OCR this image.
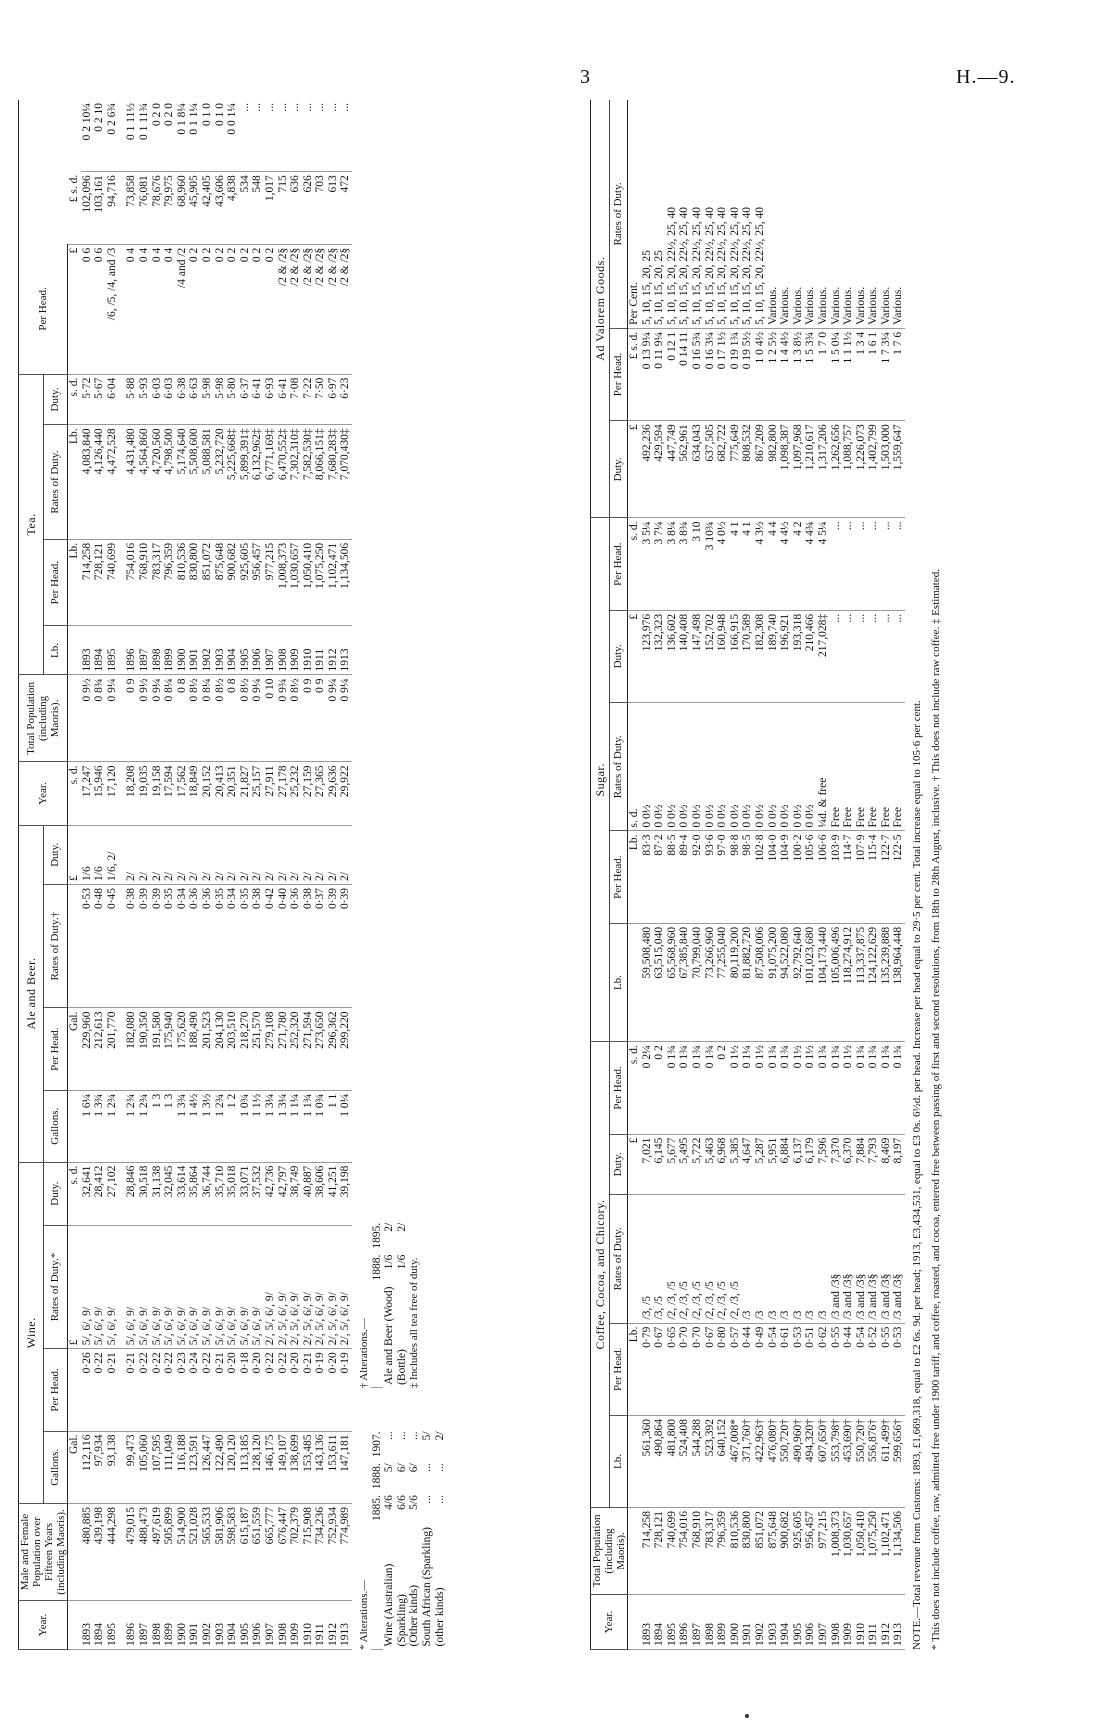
3	H.—9.
Year.	Male and Female Population over Fifteen Years (including Maoris).	Wine.				Ale and Beer.				Year.	Total Population (including Maoris).	Tea.				Per Head.		
		Gallons.	Per Head.	Rates of Duty.*	Duty.	Gallons.	Per Head.	Rates of Duty.†	Duty.			Lb.	Per Head.	Rates of Duty.	Duty.			
		Gal.		£	s. d.		Gal.		£	s. d.			Lb.	Lb.	s. d.	£	£ s. d.	
1893	480,885	112,116	0·26	5/, 6/, 9/	32,641	1 6¼	229,960	0·53	1/6	17,247	0 9½	1893	714,258	4,083,840	5·72	0 6	102,096	0 2 10¼
1894	439,198	97,934	0·22	5/, 6/, 9/	28,412	1 3¾	212,613	0·48	1/6	15,946	0 8¾	1894	728,121	4,126,440	5·67	0 6	103,161	0 2 10
1895	444,298	93,138	0·21	5/, 6/, 9/	27,102	1 2¾	201,770	0·45	1/6, 2/	17,120	0 9¼	1895	740,699	4,472,528	6·04	/6, /5, /4, and /3	94,716	0 2 6¾
1896	479,015	99,473	0·21	5/, 6/, 9/	28,846	1 2¾	182,080	0·38	2/	18,208	0 9	1896	754,016	4,431,480	5·88	0 4	73,858	0 1 11½
1897	488,473	105,060	0·22	5/, 6/, 9/	30,518	1 2¾	190,350	0·39	2/	19,035	0 9½	1897	768,910	4,564,860	5·93	0 4	76,081	0 1 11¾
1898	497,619	107,595	0·22	5/, 6/, 9/	31,138	1 3	191,580	0·39	2/	19,158	0 9¼	1898	783,317	4,720,560	6·03	0 4	78,676	0 2 0
1899	505,899	111,049	0·22	5/, 6/, 9/	32,045	1 3	175,940	0·35	2/	17,594	0 8¼	1899	796,359	4,798,500	6·03	0 4	79,975	0 2 0
1900	514,900	116,188	0·23	5/, 6/, 9/	33,614	1 3¾	175,620	0·34	2/	17,562	0 8	1900	810,536	5,174,640	6·38	/4 and /2	68,960	0 1 8¼
1901	521,028	123,591	0·24	5/, 6/, 9/	35,864	1 4½	188,490	0·36	2/	18,849	0 8½	1901	830,800	5,508,600	6·63	0 2	45,905	0 1 1¼
1902	565,533	126,447	0·22	5/, 6/, 9/	36,744	1 3½	201,523	0·36	2/	20,152	0 8¼	1902	851,072	5,088,581	5·98	0 2	42,405	0 1 0
1903	581,906	122,490	0·21	5/, 6/, 9/	35,710	1 2¾	204,130	0·35	2/	20,413	0 8½	1903	875,648	5,232,720	5·98	0 2	43,606	0 1 0
1904	598,583	120,120	0·20	5/, 6/, 9/	35,018	1 2	203,510	0·34	2/	20,351	0 8	1904	900,682	5,225,668‡	5·80	0 2	4,838	0 0 1¼
1905	615,187	113,185	0·18	5/, 6/, 9/	33,071	1 0¾	218,270	0·35	2/	21,827	0 8½	1905	925,605	5,899,391‡	6·37	0 2	534	...
1906	651,559	128,120	0·20	5/, 6/, 9/	37,532	1 1½	251,570	0·38	2/	25,157	0 9¼	1906	956,457	6,132,962‡	6·41	0 2	548	...
1907	665,777	146,175	0·22	2/, 5/, 6/, 9/	42,736	1 3¼	279,108	0·42	2/	27,911	0 10	1907	977,215	6,771,169‡	6·93	0 2	1,017	...
1908	676,447	149,107	0·22	2/, 5/, 6/, 9/	42,797	1 3¼	271,780	0·40	2/	27,178	0 9¾	1908	1,008,373	6,470,552‡	6·41	/2 & /2§	715	...
1909	702,379	138,699	0·20	2/, 5/, 6/, 9/	38,749	1 1¼	252,320	0·36	2/	25,232	0 8½	1909	1,030,657	7,302,310‡	7·08	/2 & /2§	636	...
1910	715,908	153,485	0·21	2/, 5/, 6/, 9/	40,887	1 1¾	271,594	0·38	2/	27,159	0 9	1910	1,050,410	7,582,530‡	7·22	/2 & /2§	626	...
1911	734,236	143,136	0·19	2/, 5/, 6/, 9/	38,606	1 0¾	273,650	0·37	2/	27,365	0 9	1911	1,075,250	8,066,151‡	7·50	/2 & /2§	703	...
1912	752,934	153,611	0·20	2/, 5/, 6/, 9/	41,251	1 1	296,362	0·39	2/	29,636	0 9¼	1912	1,102,471	7,680,283‡	6·97	/2 & /2§	613	...
1913	774,989	147,181	0·19	2/, 5/, 6/, 9/	39,198	1 0¼	299,220	0·39	2/	29,922	0 9¼	1913	1,134,506	7,070,430‡	6·23	/2 & /2§	472	...
* Alterations.—
	1885.	1888.	1907.
Wine (Australian)	4/6	5/	...
(Sparkling)	6/6	6/	...
(Other kinds)	5/6	6/	...
South African (Sparkling)	...	...	5/
(other kinds)	...	...	2/
† Alterations.—
	1888.	1895.
Ale and Beer (Wood)	1/6	2/
(Bottle)	1/6	2/
‡ Includes all tea free of duty.
Year.	Total Population (including Maoris).	Coffee, Cocoa, and Chicory.					Sugar.					Ad Valorem Goods.		
		Lb.	Per Head.	Rates of Duty.	Duty.	Per Head.	Lb.	Per Head.	Rates of Duty.	Duty.	Per Head.	Duty.	Per Head.	Rates of Duty.
			Lb.		£	s. d.		Lb.	s. d.	£	s. d.	£	£ s. d.	Per Cent.
1893	714,258	561,360	0·79	/3, /5	7,021	0 2¼	59,508,480	83·3	0 0½	123,976	3 5¼	492,236	0 13 9¼	5, 10, 15, 20, 25
1894	728,121	490,864	0·67	/3, /5	6,145	0 2	63,515,040	87·2	0 0½	132,323	3 7¼	429,594	0 11 9¼	5, 10, 15, 20, 25
1895	740,699	481,800	0·65	/2, /3, /5	5,677	0 1¾	65,568,960	88·5	0 0½	136,602	3 8¼	447,749	0 12 1	5, 10, 15, 20, 22½, 25, 40
1896	754,016	524,408	0·70	/2, /3, /5	5,495	0 1¾	67,385,840	89·4	0 0½	140,408	3 8¾	562,961	0 14 11	5, 10, 15, 20, 22½, 25, 40
1897	768,910	544,288	0·70	/2, /3, /5	5,722	0 1¾	70,799,040	92·0	0 0½	147,498	3 10	634,043	0 16 5¾	5, 10, 15, 20, 22½, 25, 40
1898	783,317	523,392	0·67	/2, /3, /5	5,463	0 1¾	73,266,960	93·6	0 0½	152,702	3 10¾	637,505	0 16 3¼	5, 10, 15, 20, 22½, 25, 40
1899	796,359	640,152	0·80	/2, /3, /5	6,968	0 2	77,255,040	97·0	0 0½	160,948	4 0½	682,722	0 17 1½	5, 10, 15, 20, 22½, 25, 40
1900	810,536	467,008*	0·57	/2, /3, /5	5,385	0 1½	80,119,200	98·8	0 0½	166,915	4 1	775,649	0 19 1¾	5, 10, 15, 20, 22½, 25, 40
1901	830,800	371,760†	0·44	/3	4,647	0 1¼	81,882,720	98·5	0 0½	170,589	4 1	808,532	0 19 5½	5, 10, 15, 20, 22½, 25, 40
1902	851,072	422,963†	0·49	/3	5,287	0 1½	87,508,006	102·8	0 0½	182,308	4 3½	867,209	1 0 4½	5, 10, 15, 20, 22½, 25, 40
1903	875,648	476,080†	0·54	/3	5,951	0 1¾	91,075,200	104·0	0 0½	189,740	4 4	982,800	1 2 5½	Various.
1904	900,682	550,720†	0·61	/3	6,884	0 1¾	94,522,080	104·9	0 0½	196,921	4 4½	1,098,387	1 4 4½	Various.
1905	925,605	490,960†	0·53	/3	6,137	0 1½	92,792,640	100·2	0 0½	193,318	4 2	1,097,968	1 3 8½	Various.
1906	956,457	494,320†	0·51	/3	6,179	0 1½	101,023,680	105·6	0 0½	210,466	4 4¾	1,210,617	1 5 3¾	Various.
1907	977,215	607,650†	0·62	/3	7,596	0 1¾	104,173,440	106·6	¼d. & free	217,028‡	4 5¼	1,317,206	1 7 0	Various.
1908	1,008,373	553,798†	0·55	/3 and /3§	7,370	0 1¾	105,006,496	103·9	Free	...	...	1,262,656	1 5 0¼	Various.
1909	1,030,657	453,690†	0·44	/3 and /3§	6,370	0 1½	118,274,912	114·7	Free	...	...	1,088,757	1 1 1½	Various.
1910	1,050,410	550,720†	0·54	/3 and /3§	7,884	0 1¾	113,337,875	107·9	Free	...	...	1,226,073	1 3 4	Various.
1911	1,075,250	556,876†	0·52	/3 and /3§	7,793	0 1¾	124,122,629	115·4	Free	...	...	1,402,799	1 6 1	Various.
1912	1,102,471	611,499†	0·55	/3 and /3§	8,469	0 1¾	135,239,888	122·7	Free	...	...	1,503,000	1 7 3¼	Various.
1913	1,134,506	599,656†	0·53	/3 and /3§	8,197	0 1¾	138,964,448	122·5	Free	...	...	1,559,647	1 7 6	Various.
NOTE.—Total revenue from Customs: 1893, £1,669,318, equal to £2 6s. 9d. per head; 1913, £3,434,531, equal to £3 0s. 6½d. per head. Increase per head equal to 29·5 per cent. Total increase equal to 105·6 per cent. * This does not include coffee, raw, admitted free under 1900 tariff, and coffee, roasted, and cocoa, entered free between passing of first and second resolutions, from 18th to 28th August, inclusive. † This does not include raw coffee. ‡ Estimated.
